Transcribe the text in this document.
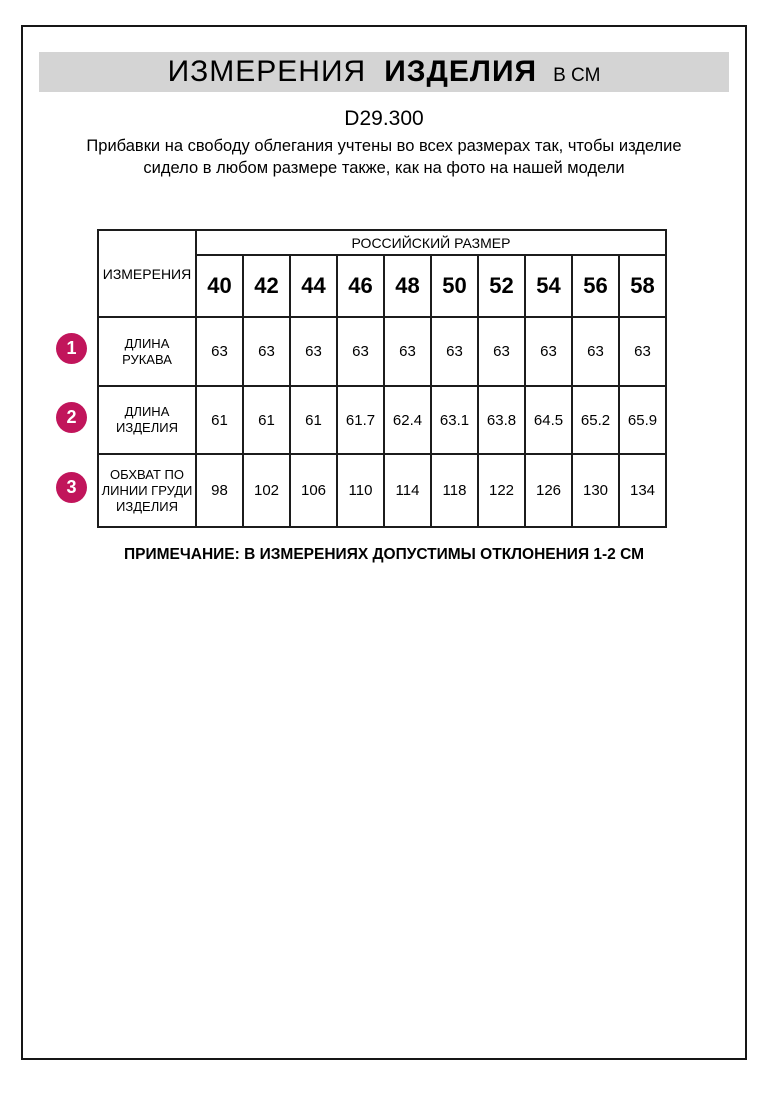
ИЗМЕРЕНИЯ ИЗДЕЛИЯ В СМ
D29.300
Прибавки на свободу облегания учтены во всех размерах так, чтобы изделие сидело в любом размере также, как на фото на нашей модели
1
2
3
ИЗМЕРЕНИЯ	РОССИЙСКИЙ РАЗМЕР									
	40	42	44	46	48	50	52	54	56	58
ДЛИНА РУКАВА	63	63	63	63	63	63	63	63	63	63
ДЛИНА ИЗДЕЛИЯ	61	61	61	61.7	62.4	63.1	63.8	64.5	65.2	65.9
ОБХВАТ ПО ЛИНИИ ГРУДИ ИЗДЕЛИЯ	98	102	106	110	114	118	122	126	130	134
ПРИМЕЧАНИЕ: В ИЗМЕРЕНИЯХ ДОПУСТИМЫ ОТКЛОНЕНИЯ 1-2 СМ
